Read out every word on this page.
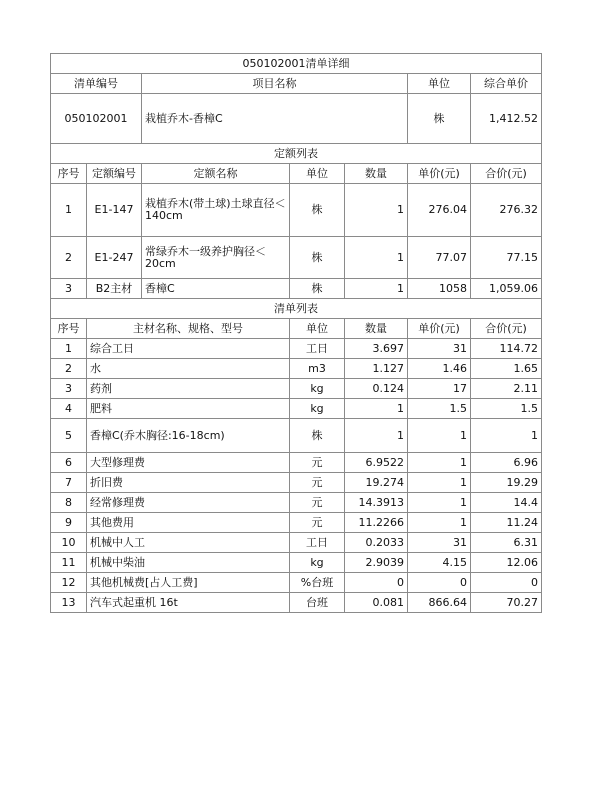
050102001清单详细						
清单编号		项目名称			单位	综合单价
050102001		栽植乔木-香樟C			株	1,412.52
定额列表						
序号	定额编号	定额名称	单位	数量	单价(元)	合价(元)
1	E1-147	栽植乔木(带土球)土球直径＜140cm	株	1	276.04	276.32
2	E1-247	常绿乔木一级养护胸径＜20cm	株	1	77.07	77.15
3	B2主材	香樟C	株	1	1058	1,059.06
清单列表						
序号	主材名称、规格、型号		单位	数量	单价(元)	合价(元)
1	综合工日		工日	3.697	31	114.72
2	水		m3	1.127	1.46	1.65
3	药剂		kg	0.124	17	2.11
4	肥料		kg	1	1.5	1.5
5	香樟C(乔木胸径:16-18cm)		株	1	1	1
6	大型修理费		元	6.9522	1	6.96
7	折旧费		元	19.274	1	19.29
8	经常修理费		元	14.3913	1	14.4
9	其他费用		元	11.2266	1	11.24
10	机械中人工		工日	0.2033	31	6.31
11	机械中柴油		kg	2.9039	4.15	12.06
12	其他机械费[占人工费]		%台班	0	0	0
13	汽车式起重机 16t		台班	0.081	866.64	70.27
